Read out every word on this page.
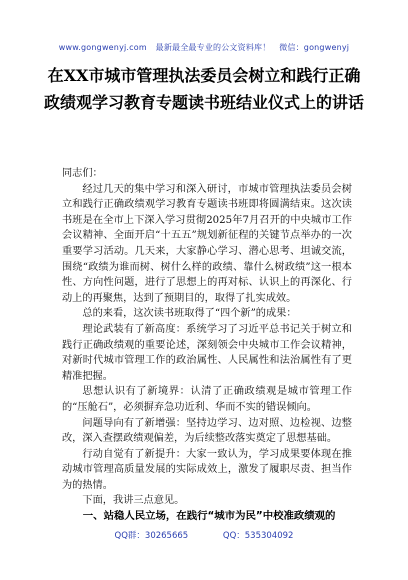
www.gongwenyj.com 最新最全最专业的公文资料库！ 微信：gongwenyj
在XX市城市管理执法委员会树立和践行正确政绩观学习教育专题读书班结业仪式上的讲话

同志们：

经过几天的集中学习和深入研讨，市城市管理执法委员会树立和践行正确政绩观学习教育专题读书班即将圆满结束。这次读书班是在全市上下深入学习贯彻2025年7月召开的中央城市工作会议精神、全面开启“十五五”规划新征程的关键节点举办的一次重要学习活动。几天来，大家静心学习、潜心思考、坦诚交流，围绕“政绩为谁而树、树什么样的政绩、靠什么树政绩”这一根本性、方向性问题，进行了思想上的再对标、认识上的再深化、行动上的再聚焦，达到了预期目的，取得了扎实成效。

总的来看，这次读书班取得了“四个新”的成果：

理论武装有了新高度：系统学习了习近平总书记关于树立和践行正确政绩观的重要论述，深刻领会中央城市工作会议精神，对新时代城市管理工作的政治属性、人民属性和法治属性有了更精准把握。

思想认识有了新境界：认清了正确政绩观是城市管理工作的“压舱石”，必须摒弃急功近利、华而不实的错误倾向。

问题导向有了新增强：坚持边学习、边对照、边检视、边整改，深入查摆政绩观偏差，为后续整改落实奠定了思想基础。

行动自觉有了新提升：大家一致认为，学习成果要体现在推动城市管理高质量发展的实际成效上，激发了履职尽责、担当作为的热情。

下面，我讲三点意见。

一、站稳人民立场，在践行“城市为民”中校准政绩观的

QQ群：30265665	QQ：535304092
